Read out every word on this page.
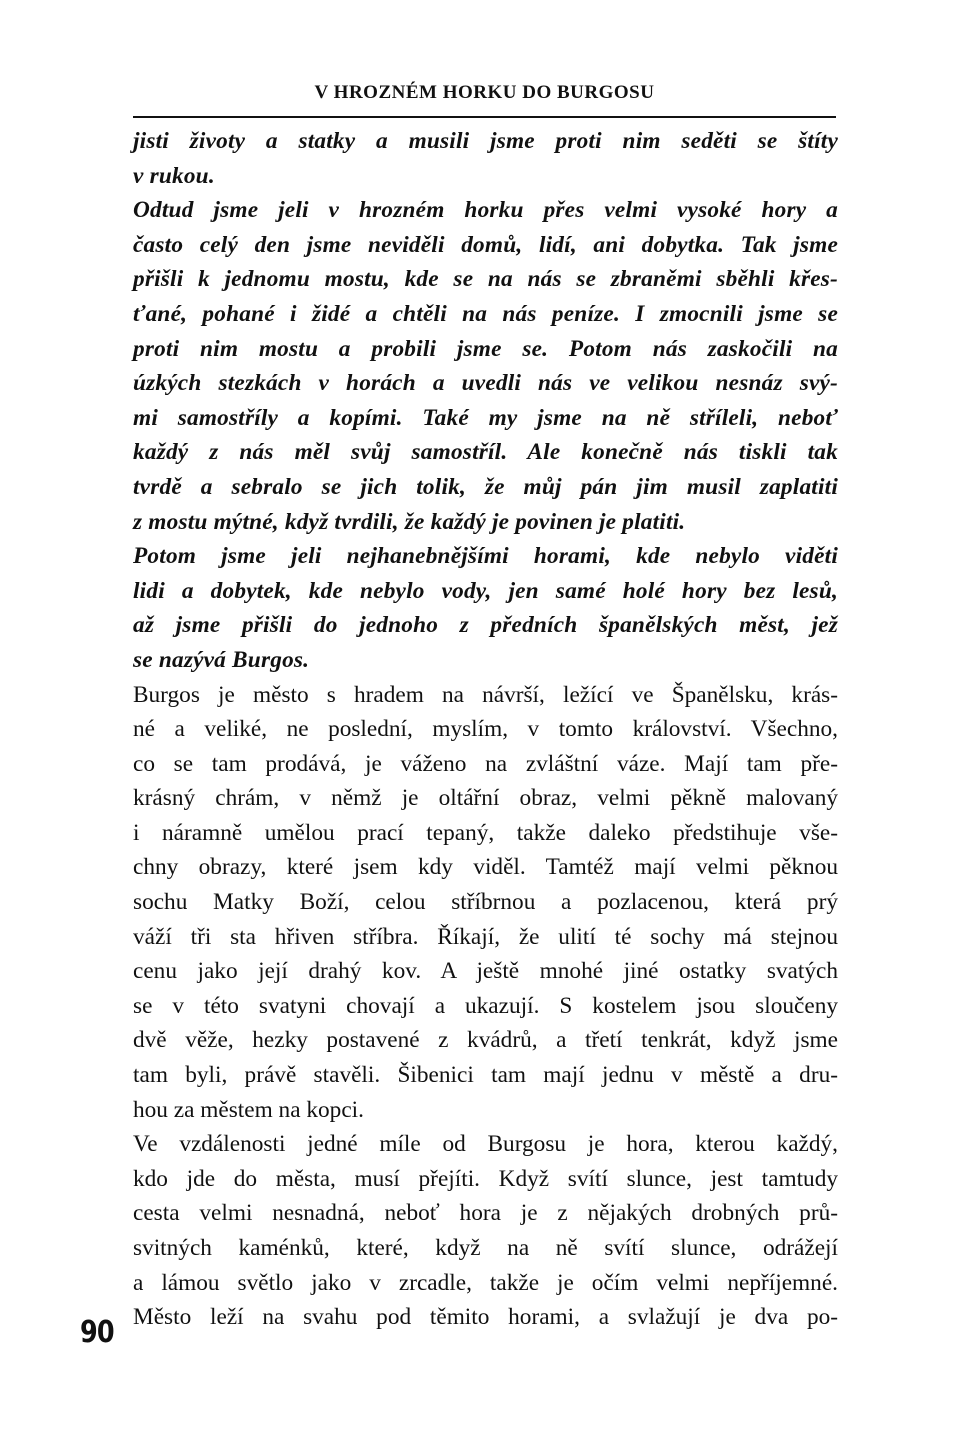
V HROZNÉM HORKU DO BURGOSU
jisti životy a statky a musili jsme proti nim seděti se štíty
v rukou.
Odtud jsme jeli v hrozném horku přes velmi vysoké hory a
často celý den jsme neviděli domů, lidí, ani dobytka. Tak jsme
přišli k jednomu mostu, kde se na nás se zbraněmi sběhli křes-
ťané, pohané i židé a chtěli na nás peníze. I zmocnili jsme se
proti nim mostu a probili jsme se. Potom nás zaskočili na
úzkých stezkách v horách a uvedli nás ve velikou nesnáz svý-
mi samostříly a kopími. Také my jsme na ně stříleli, neboť
každý z nás měl svůj samostříl. Ale konečně nás tiskli tak
tvrdě a sebralo se jich tolik, že můj pán jim musil zaplatiti
z mostu mýtné, když tvrdili, že každý je povinen je platiti.
Potom jsme jeli nejhanebnějšími horami, kde nebylo viděti
lidi a dobytek, kde nebylo vody, jen samé holé hory bez lesů,
až jsme přišli do jednoho z předních španělských měst, jež
se nazývá Burgos.
Burgos je město s hradem na návrší, ležící ve Španělsku, krás-
né a veliké, ne poslední, myslím, v tomto království. Všechno,
co se tam prodává, je váženo na zvláštní váze. Mají tam pře-
krásný chrám, v němž je oltářní obraz, velmi pěkně malovaný
i náramně umělou prací tepaný, takže daleko předstihuje vše-
chny obrazy, které jsem kdy viděl. Tamtéž mají velmi pěknou
sochu Matky Boží, celou stříbrnou a pozlacenou, která prý
váží tři sta hřiven stříbra. Říkají, že ulití té sochy má stejnou
cenu jako její drahý kov. A ještě mnohé jiné ostatky svatých
se v této svatyni chovají a ukazují. S kostelem jsou sloučeny
dvě věže, hezky postavené z kvádrů, a třetí tenkrát, když jsme
tam byli, právě stavěli. Šibenici tam mají jednu v městě a dru-
hou za městem na kopci.
Ve vzdálenosti jedné míle od Burgosu je hora, kterou každý,
kdo jde do města, musí přejíti. Když svítí slunce, jest tamtudy
cesta velmi nesnadná, neboť hora je z nějakých drobných prů-
svitných kaménků, které, když na ně svítí slunce, odrážejí
a lámou světlo jako v zrcadle, takže je očím velmi nepříjemné.
Město leží na svahu pod těmito horami, a svlažují je dva po-
90
